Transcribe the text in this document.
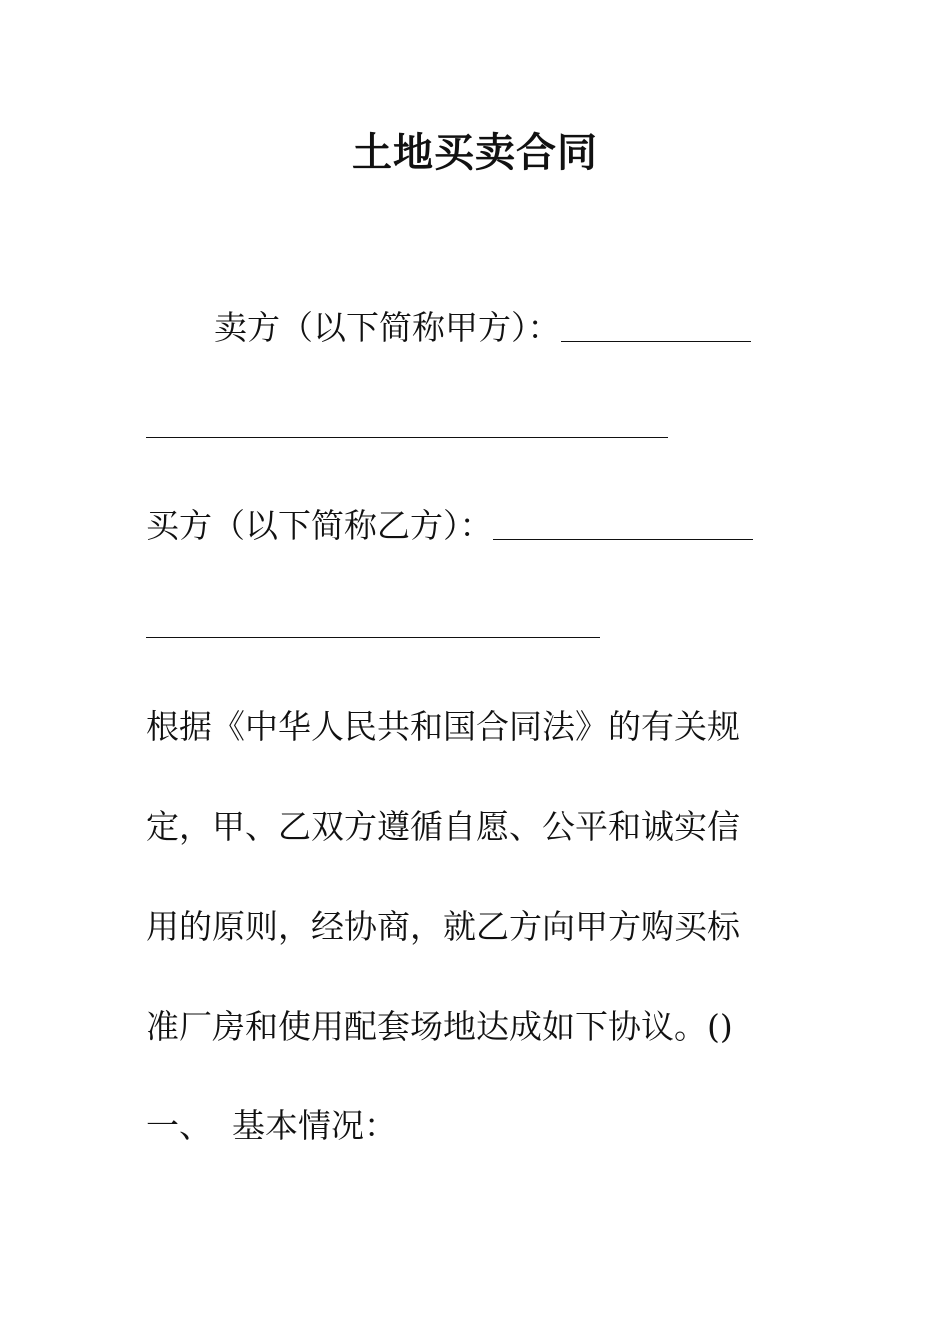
土地买卖合同
卖方（以下简称甲方）：
买方（以下简称乙方）：
根据《中华人民共和国合同法》的有关规
定，甲、乙双方遵循自愿、公平和诚实信
用的原则，经协商，就乙方向甲方购买标
准厂房和使用配套场地达成如下协议。()
一、 基本情况：
